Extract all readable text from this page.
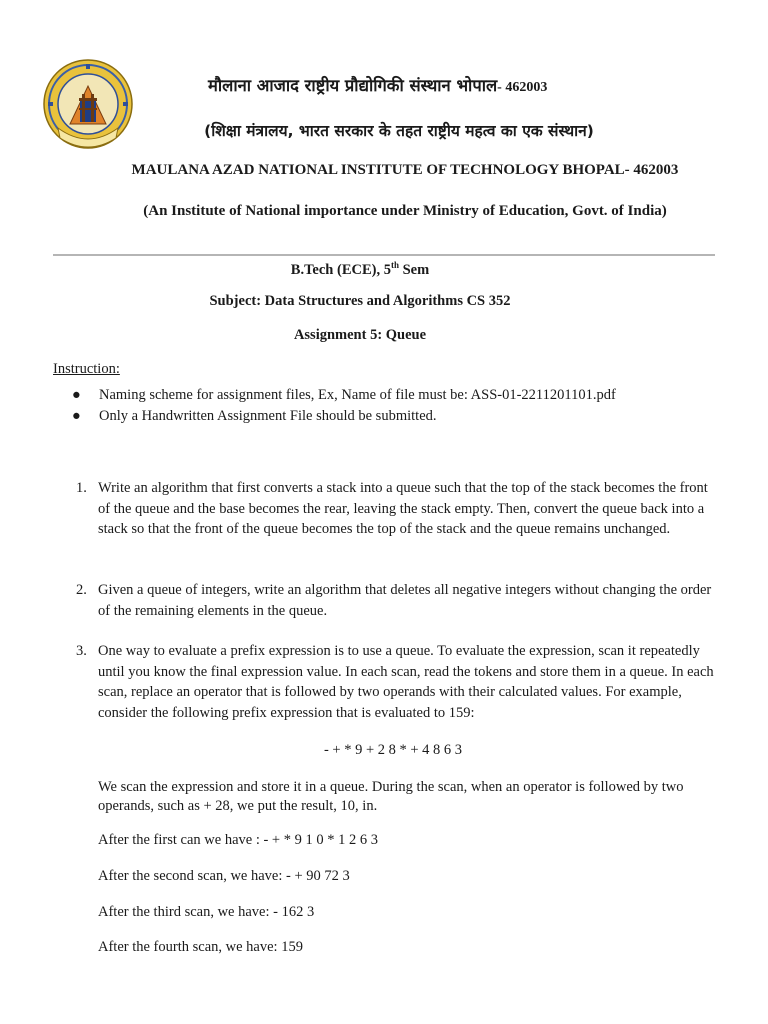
मौलाना आजाद राष्ट्रीय प्रौद्योगिकी संस्थान भोपाल- 462003
(शिक्षा मंत्रालय, भारत सरकार के तहत राष्ट्रीय महत्व का एक संस्थान)
MAULANA AZAD NATIONAL INSTITUTE OF TECHNOLOGY BHOPAL- 462003
(An Institute of National importance under Ministry of Education, Govt. of India)
B.Tech (ECE), 5th Sem
Subject: Data Structures and Algorithms CS 352
Assignment 5: Queue
Instruction:
● Naming scheme for assignment files, Ex, Name of file must be: ASS-01-2211201101.pdf
● Only a Handwritten Assignment File should be submitted.
1. Write an algorithm that first converts a stack into a queue such that the top of the stack becomes the front of the queue and the base becomes the rear, leaving the stack empty. Then, convert the queue back into a stack so that the front of the queue becomes the top of the stack and the queue remains unchanged.
2. Given a queue of integers, write an algorithm that deletes all negative integers without changing the order of the remaining elements in the queue.
3. One way to evaluate a prefix expression is to use a queue. To evaluate the expression, scan it repeatedly until you know the final expression value. In each scan, read the tokens and store them in a queue. In each scan, replace an operator that is followed by two operands with their calculated values. For example, consider the following prefix expression that is evaluated to 159:
- + * 9 + 2 8 * + 4 8 6 3
We scan the expression and store it in a queue. During the scan, when an operator is followed by two operands, such as + 28, we put the result, 10, in.
After the first can we have : - + * 9 1 0 * 1 2 6 3
After the second scan, we have: - + 90 72 3
After the third scan, we have: - 162 3
After the fourth scan, we have: 159
